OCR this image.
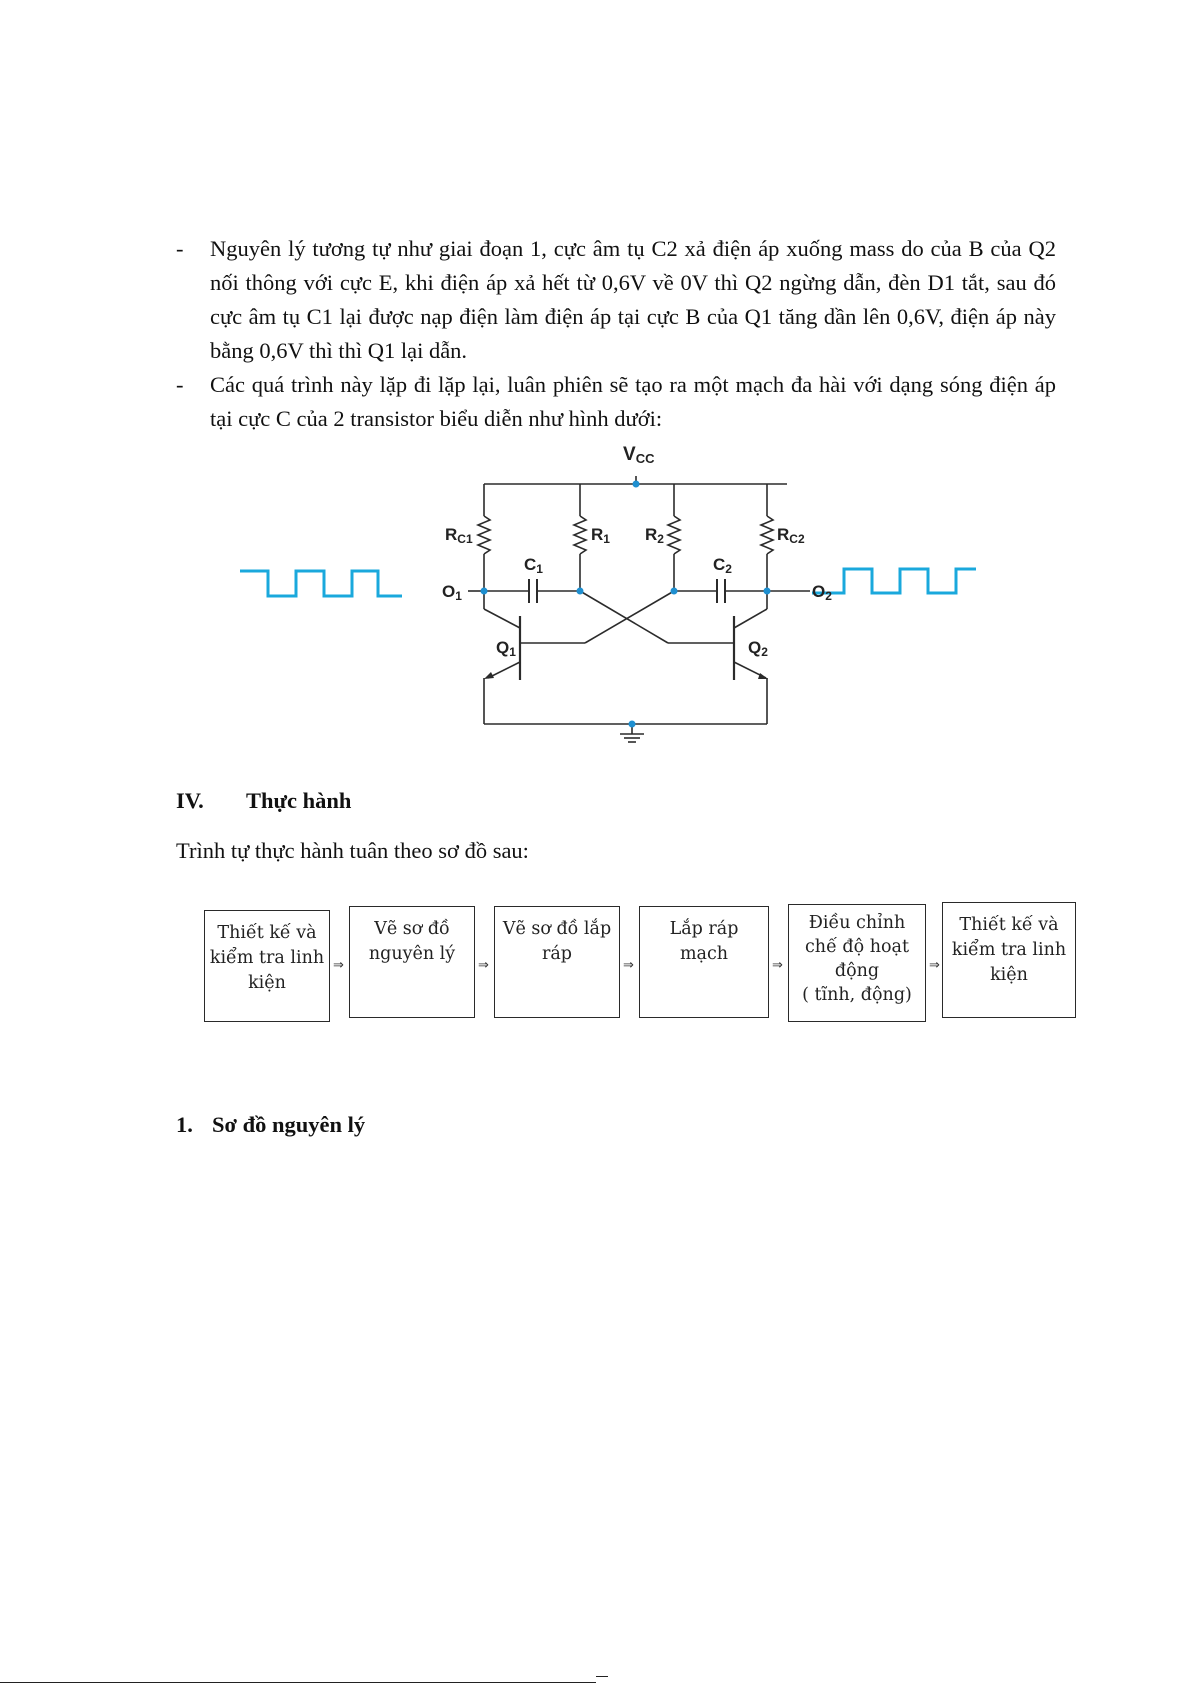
- Nguyên lý tương tự như giai đoạn 1, cực âm tụ C2 xả điện áp xuống mass do của B của Q2 nối thông với cực E, khi điện áp xả hết từ 0,6V về 0V thì Q2 ngừng dẫn, đèn D1 tắt, sau đó cực âm tụ C1 lại được nạp điện làm điện áp tại cực B của Q1 tăng dần lên 0,6V, điện áp này bằng 0,6V thì thì Q1 lại dẫn.
- Các quá trình này lặp đi lặp lại, luân phiên sẽ tạo ra một mạch đa hài với dạng sóng điện áp tại cực C của 2 transistor biểu diễn như hình dưới:
VCC
RC1	R1 R2	RC2
C1	C2
O1	O2
Q1	Q2
IV. Thực hành
Trình tự thực hành tuân theo sơ đồ sau:
Thiết kế và
kiểm tra linh
kiện
⇒
Vẽ sơ đồ
nguyên lý
⇒
Vẽ sơ đồ lắp
ráp
⇒
Lắp ráp
mạch
⇒
Điều chỉnh
chế độ hoạt
động
( tĩnh, động)
⇒
Thiết kế và
kiểm tra linh
kiện
1. Sơ đồ nguyên lý
